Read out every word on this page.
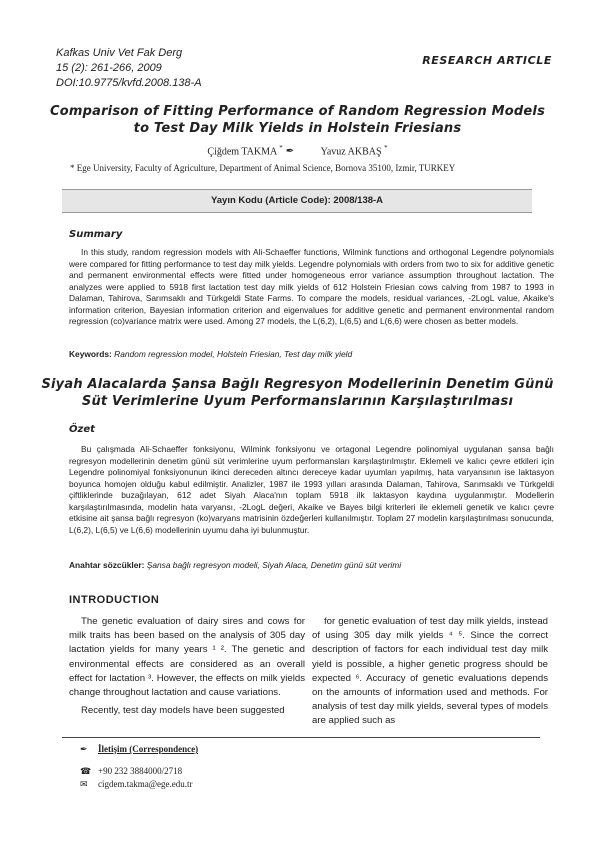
Kafkas Univ Vet Fak Derg
15 (2): 261-266, 2009
DOI:10.9775/kvfd.2008.138-A
RESEARCH ARTICLE
Comparison of Fitting Performance of Random Regression Models
to Test Day Milk Yields in Holstein Friesians
Çiğdem TAKMA * ✒	Yavuz AKBAŞ *
* Ege University, Faculty of Agriculture, Department of Animal Science, Bornova 35100, Izmir, TURKEY
Yayın Kodu (Article Code): 2008/138-A
Summary
In this study, random regression models with Ali-Schaeffer functions, Wilmink functions and orthogonal Legendre polynomials were compared for fitting performance to test day milk yields. Legendre polynomials with orders from two to six for additive genetic and permanent environmental effects were fitted under homogeneous error variance assumption throughout lactation. The analyzes were applied to 5918 first lactation test day milk yields of 612 Holstein Friesian cows calving from 1987 to 1993 in Dalaman, Tahirova, Sarımsaklı and Türkgeldi State Farms. To compare the models, residual variances, -2LogL value, Akaike's information criterion, Bayesian information criterion and eigenvalues for additive genetic and permanent environmental random regression (co)variance matrix were used. Among 27 models, the L(6,2), L(6,5) and L(6,6) were chosen as better models.
Keywords: Random regression model, Holstein Friesian, Test day milk yield
Siyah Alacalarda Şansa Bağlı Regresyon Modellerinin Denetim Günü
Süt Verimlerine Uyum Performanslarının Karşılaştırılması
Özet
Bu çalışmada Ali-Schaeffer fonksiyonu, Wilmink fonksiyonu ve ortagonal Legendre polinomiyal uygulanan şansa bağlı regresyon modellerinin denetim günü süt verimlerine uyum performansları karşılaştırılmıştır. Eklemeli ve kalıcı çevre etkileri için Legendre polinomiyal fonksiyonunun ikinci dereceden altıncı dereceye kadar uyumları yapılmış, hata varyansının ise laktasyon boyunca homojen olduğu kabul edilmiştir. Analizler, 1987 ile 1993 yılları arasında Dalaman, Tahirova, Sarımsaklı ve Türkgeldi çiftliklerinde buzağılayan, 612 adet Siyah Alaca'nın toplam 5918 ilk laktasyon kaydına uygulanmıştır. Modellerin karşılaştırılmasında, modelin hata varyansı, -2LogL değeri, Akaike ve Bayes bilgi kriterleri ile eklemeli genetik ve kalıcı çevre etkisine ait şansa bağlı regresyon (ko)varyans matrisinin özdeğerleri kullanılmıştır. Toplam 27 modelin karşılaştırılması sonucunda, L(6,2), L(6,5) ve L(6,6) modellerinin uyumu daha iyi bulunmuştur.
Anahtar sözcükler: Şansa bağlı regresyon modeli, Siyah Alaca, Denetim günü süt verimi
INTRODUCTION

The genetic evaluation of dairy sires and cows for milk traits has been based on the analysis of 305 day lactation yields for many years ¹ ². The genetic and environmental effects are considered as an overall effect for lactation ³. However, the effects on milk yields change throughout lactation and cause variations.

Recently, test day models have been suggested

for genetic evaluation of test day milk yields, instead of using 305 day milk yields ⁴ ⁵. Since the correct description of factors for each individual test day milk yield is possible, a higher genetic progress should be expected ⁶. Accuracy of genetic evaluations depends on the amounts of information used and methods. For analysis of test day milk yields, several types of models are applied such as

✒ İletişim (Correspondence)
☎ +90 232 3884000/2718
✉ cigdem.takma@ege.edu.tr
